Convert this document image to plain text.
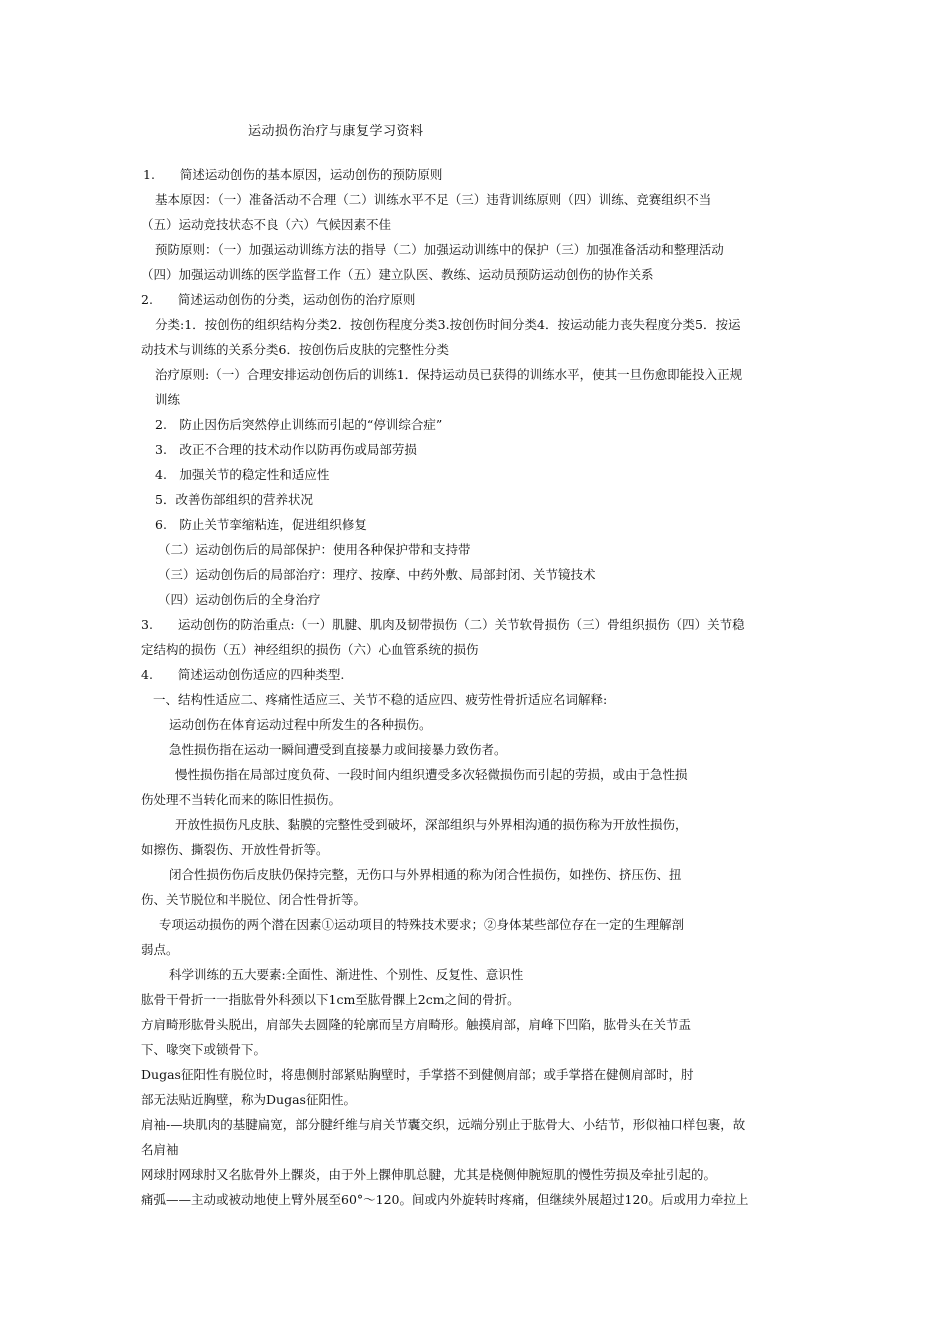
运动损伤治疗与康复学习资料
1.　　简述运动创伤的基本原因，运动创伤的预防原则
基本原因：（一）准备活动不合理（二）训练水平不足（三）违背训练原则（四）训练、竞赛组织不当
（五）运动竞技状态不良（六）气候因素不佳
预防原则：（一）加强运动训练方法的指导（二）加强运动训练中的保护（三）加强准备活动和整理活动
（四）加强运动训练的医学监督工作（五）建立队医、教练、运动员预防运动创伤的协作关系
2.　　简述运动创伤的分类，运动创伤的治疗原则
分类:1．按创伤的组织结构分类2．按创伤程度分类3.按创伤时间分类4．按运动能力丧失程度分类5．按运
动技术与训练的关系分类6．按创伤后皮肤的完整性分类
治疗原则:（一）合理安排运动创伤后的训练1．保持运动员已获得的训练水平，使其一旦伤愈即能投入正规
训练
2.　防止因伤后突然停止训练而引起的“停训综合症”
3.　改正不合理的技术动作以防再伤或局部劳损
4.　加强关节的稳定性和适应性
5．改善伤部组织的营养状况
6.　防止关节挛缩粘连，促进组织修复
（二）运动创伤后的局部保护：使用各种保护带和支持带
（三）运动创伤后的局部治疗：理疗、按摩、中药外敷、局部封闭、关节镜技术
（四）运动创伤后的全身治疗
3.　　运动创伤的防治重点:（一）肌腱、肌肉及韧带损伤（二）关节软骨损伤（三）骨组织损伤（四）关节稳
定结构的损伤（五）神经组织的损伤（六）心血管系统的损伤
4.　　简述运动创伤适应的四种类型.
一、结构性适应二、疼痛性适应三、关节不稳的适应四、疲劳性骨折适应名词解释:
运动创伤在体育运动过程中所发生的各种损伤。
急性损伤指在运动一瞬间遭受到直接暴力或间接暴力致伤者。
慢性损伤指在局部过度负荷、一段时间内组织遭受多次轻微损伤而引起的劳损，或由于急性损
伤处理不当转化而来的陈旧性损伤。
开放性损伤凡皮肤、黏膜的完整性受到破坏，深部组织与外界相沟通的损伤称为开放性损伤，
如擦伤、撕裂伤、开放性骨折等。
闭合性损伤伤后皮肤仍保持完整，无伤口与外界相通的称为闭合性损伤，如挫伤、挤压伤、扭
伤、关节脱位和半脱位、闭合性骨折等。
专项运动损伤的两个潜在因素①运动项目的特殊技术要求；②身体某些部位存在一定的生理解剖
弱点。
科学训练的五大要素:全面性、渐进性、个别性、反复性、意识性
肱骨干骨折一一指肱骨外科颈以下1cm至肱骨髁上2cm之间的骨折。
方肩畸形肱骨头脱出，肩部失去圆隆的轮廓而呈方肩畸形。触摸肩部，肩峰下凹陷，肱骨头在关节盂
下、喙突下或锁骨下。
Dugas征阳性有脱位时，将患侧肘部紧贴胸壁时，手掌搭不到健侧肩部；或手掌搭在健侧肩部时，肘
部无法贴近胸壁，称为Dugas征阳性。
肩袖-—块肌肉的基腱扁宽，部分腱纤维与肩关节囊交织，远端分别止于肱骨大、小结节，形似袖口样包裹，故
名肩袖
网球肘网球肘又名肱骨外上髁炎，由于外上髁伸肌总腱，尤其是桡侧伸腕短肌的慢性劳损及牵扯引起的。
痛弧——主动或被动地使上臂外展至60°～120。间或内外旋转时疼痛，但继续外展超过120。后或用力牵拉上
